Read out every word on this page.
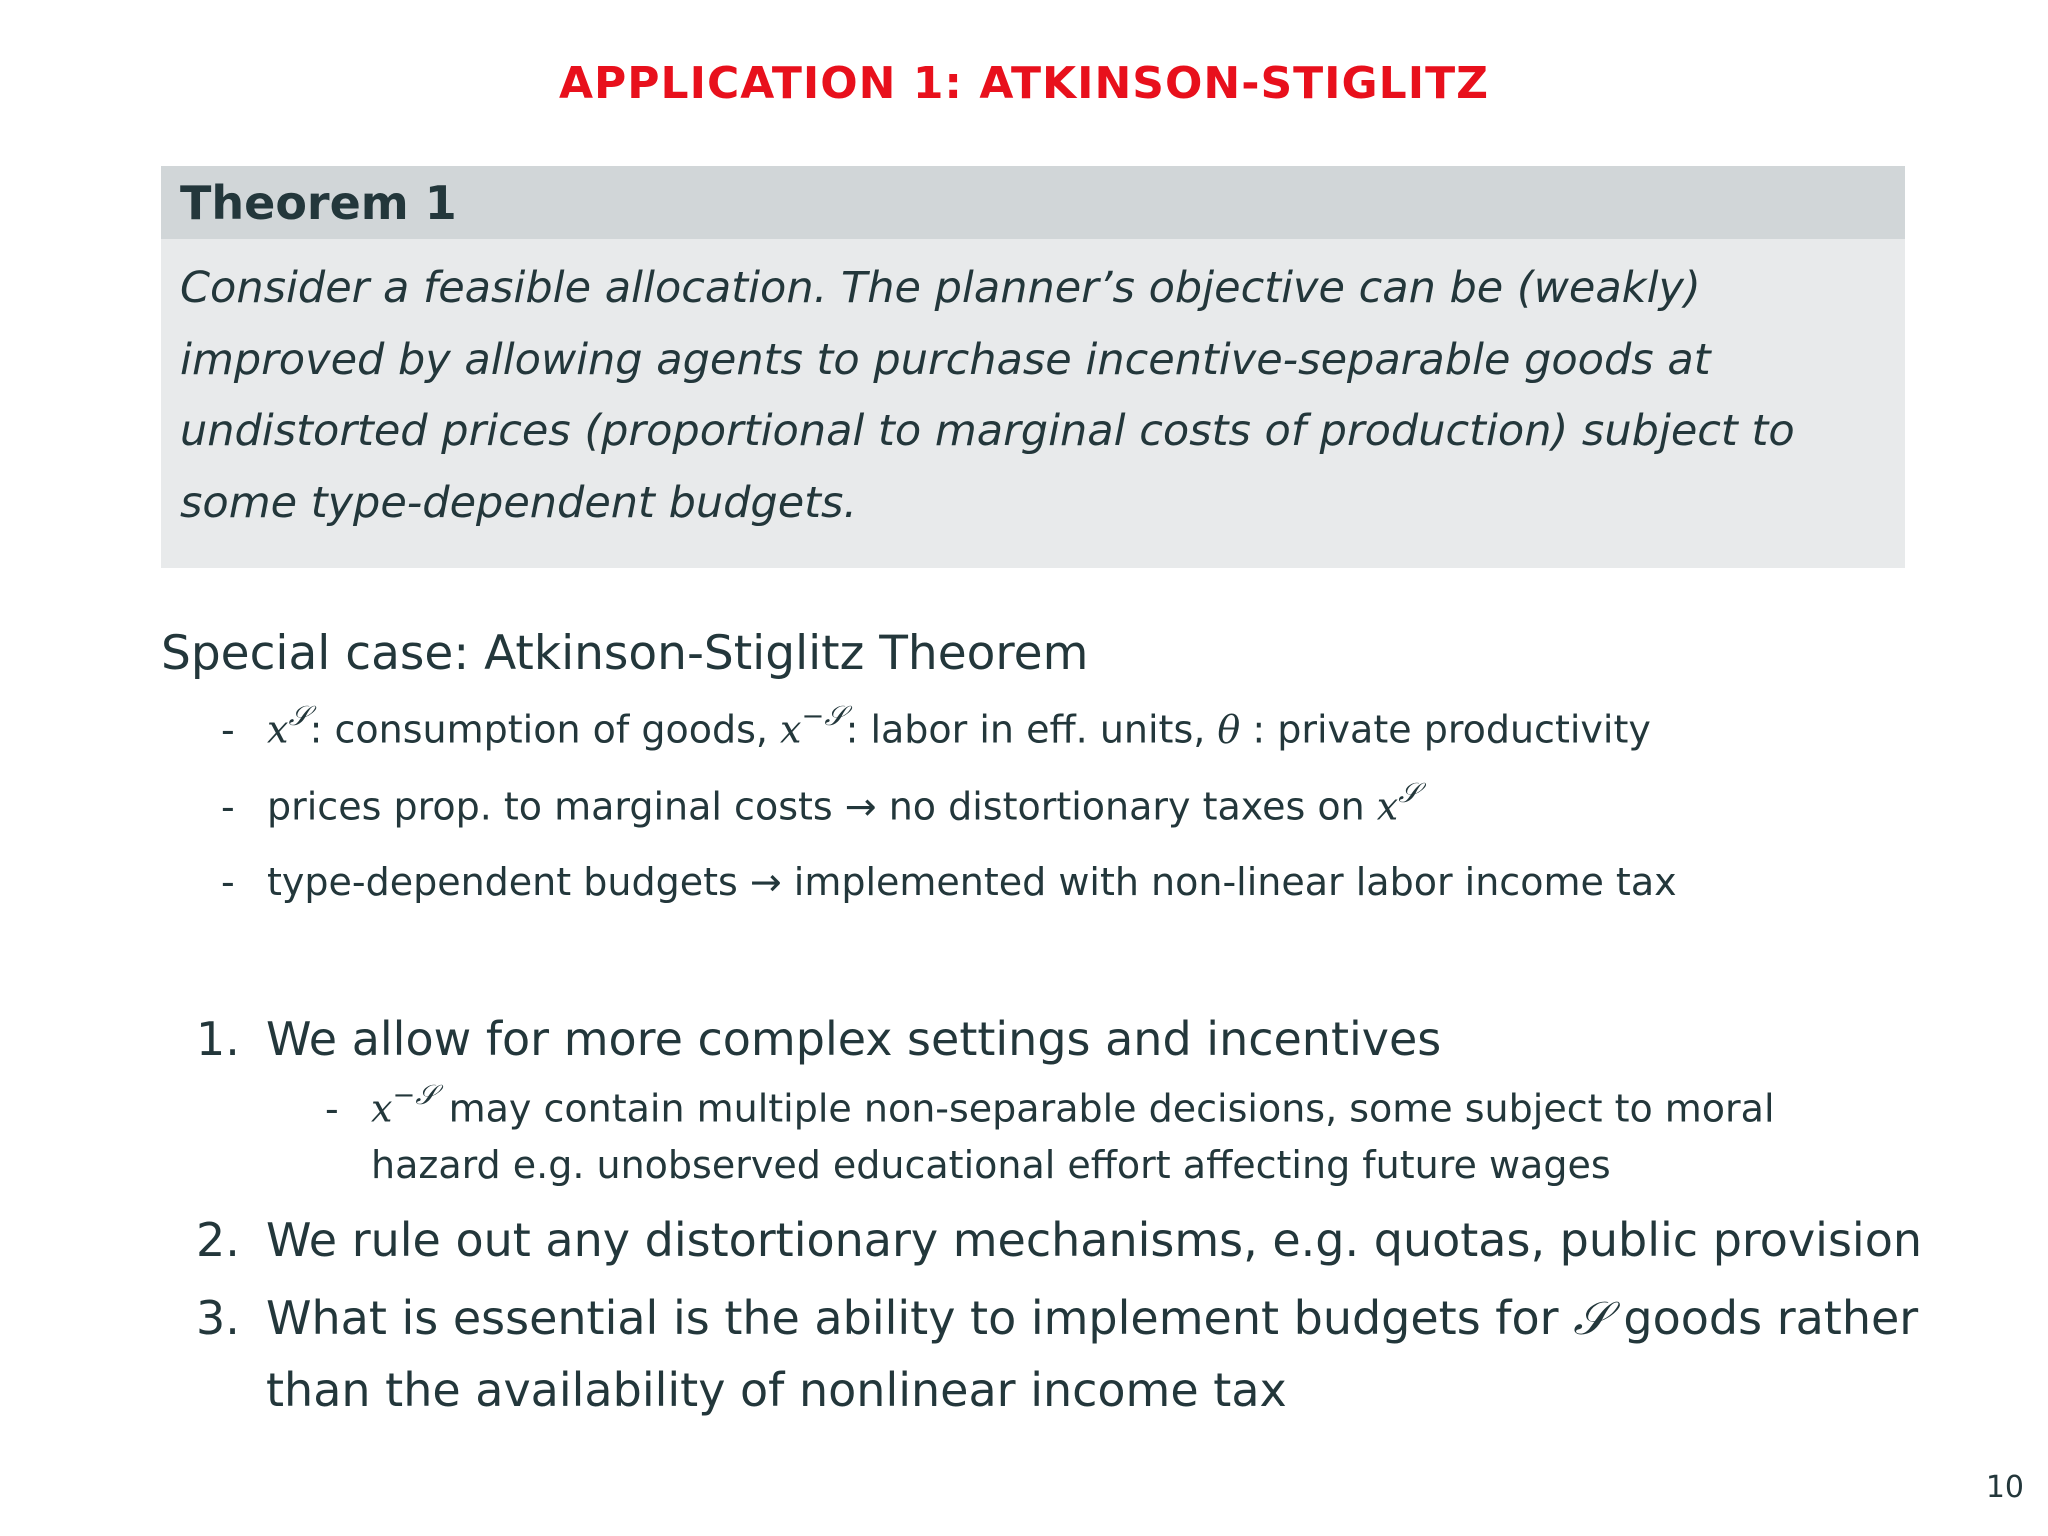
APPLICATION 1: ATKINSON-STIGLITZ
Theorem 1
Consider a feasible allocation. The planner’s objective can be (weakly)
improved by allowing agents to purchase incentive-separable goods at
undistorted prices (proportional to marginal costs of production) subject to
some type-dependent budgets.
Special case: Atkinson-Stiglitz Theorem
- $x^𝒮$: consumption of goods, $x^{-𝒮}$: labor in eff. units, θ : private productivity
- prices prop. to marginal costs → no distortionary taxes on $x^𝒮$
- type-dependent budgets → implemented with non-linear labor income tax
1. We allow for more complex settings and incentives
- $x^{-𝒮}$ may contain multiple non-separable decisions, some subject to moral
hazard e.g. unobserved educational effort affecting future wages
2. We rule out any distortionary mechanisms, e.g. quotas, public provision
3. What is essential is the ability to implement budgets for 𝒮 goods rather
than the availability of nonlinear income tax
10
